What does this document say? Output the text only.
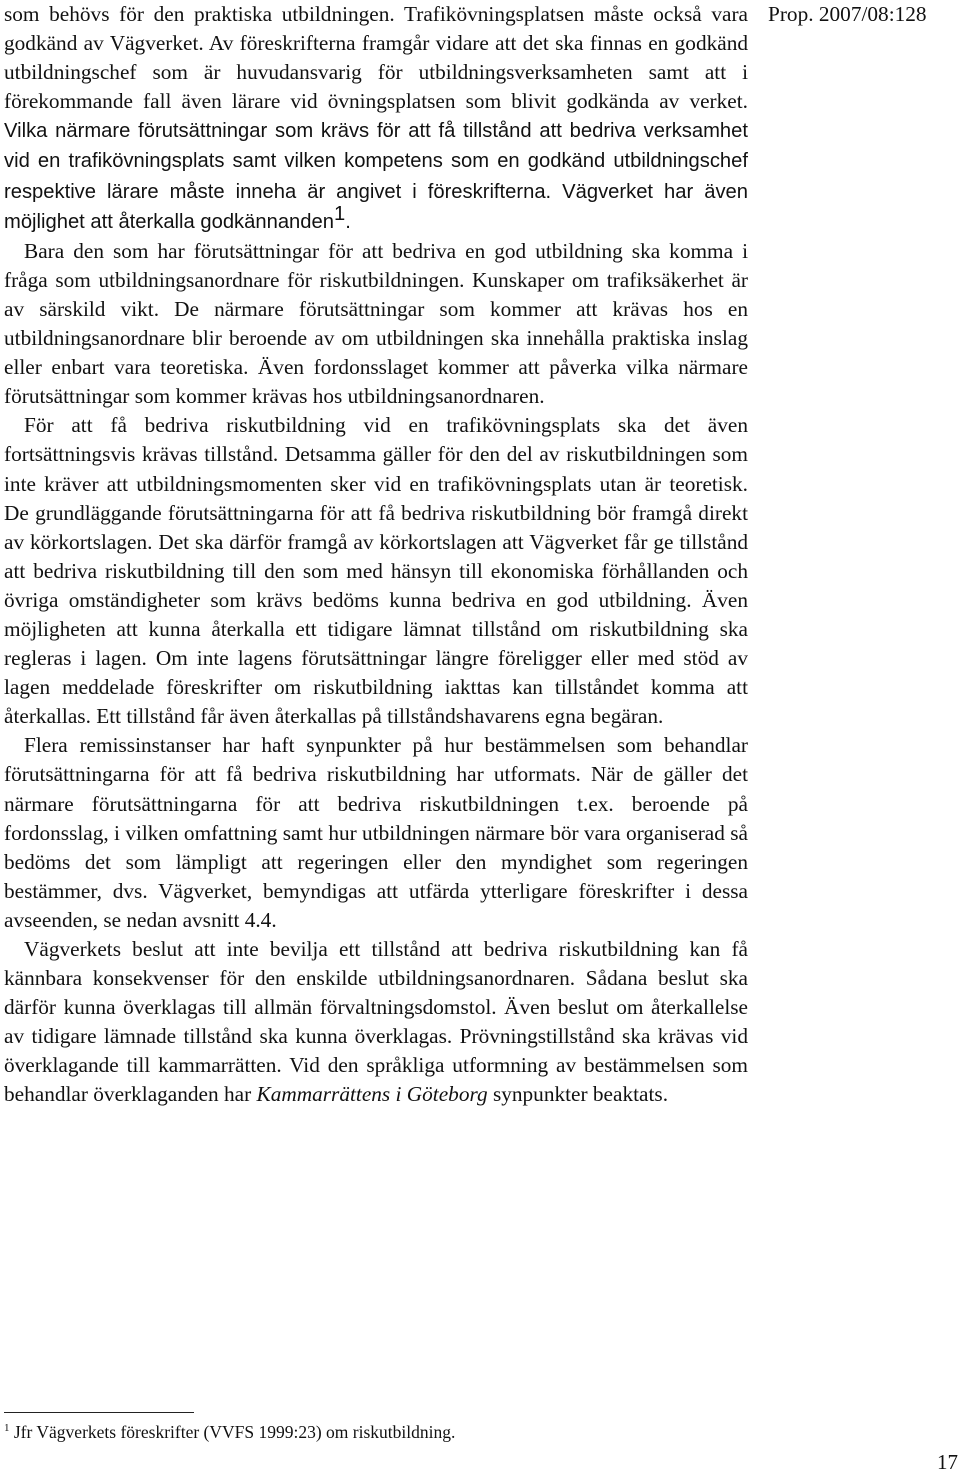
Prop. 2007/08:128

som behövs för den praktiska utbildningen. Trafikövningsplatsen måste också vara godkänd av Vägverket. Av föreskrifterna framgår vidare att det ska finnas en godkänd utbildningschef som är huvudansvarig för utbildningsverksamheten samt att i förekommande fall även lärare vid övningsplatsen som blivit godkända av verket. Vilka närmare förutsättningar som krävs för att få tillstånd att bedriva verksamhet vid en trafikövningsplats samt vilken kompetens som en godkänd utbildningschef respektive lärare måste inneha är angivet i föreskrifterna. Vägverket har även möjlighet att återkalla godkännanden$^1$.

Bara den som har förutsättningar för att bedriva en god utbildning ska komma i fråga som utbildningsanordnare för riskutbildningen. Kunskaper om trafiksäkerhet är av särskild vikt. De närmare förutsättningar som kommer att krävas hos en utbildningsanordnare blir beroende av om utbildningen ska innehålla praktiska inslag eller enbart vara teoretiska. Även fordonsslaget kommer att påverka vilka närmare förutsättningar som kommer krävas hos utbildningsanordnaren.

För att få bedriva riskutbildning vid en trafikövningsplats ska det även fortsättningsvis krävas tillstånd. Detsamma gäller för den del av riskutbildningen som inte kräver att utbildningsmomenten sker vid en trafikövningsplats utan är teoretisk. De grundläggande förutsättningarna för att få bedriva riskutbildning bör framgå direkt av körkortslagen. Det ska därför framgå av körkortslagen att Vägverket får ge tillstånd att bedriva riskutbildning till den som med hänsyn till ekonomiska förhållanden och övriga omständigheter som krävs bedöms kunna bedriva en god utbildning. Även möjligheten att kunna återkalla ett tidigare lämnat tillstånd om riskutbildning ska regleras i lagen. Om inte lagens förutsättningar längre föreligger eller med stöd av lagen meddelade föreskrifter om riskutbildning iakttas kan tillståndet komma att återkallas. Ett tillstånd får även återkallas på tillståndshavarens egna begäran.

Flera remissinstanser har haft synpunkter på hur bestämmelsen som behandlar förutsättningarna för att få bedriva riskutbildning har utformats. När de gäller det närmare förutsättningarna för att bedriva riskutbildningen t.ex. beroende på fordonsslag, i vilken omfattning samt hur utbildningen närmare bör vara organiserad så bedöms det som lämpligt att regeringen eller den myndighet som regeringen bestämmer, dvs. Vägverket, bemyndigas att utfärda ytterligare föreskrifter i dessa avseenden, se nedan avsnitt 4.4.

Vägverkets beslut att inte bevilja ett tillstånd att bedriva riskutbildning kan få kännbara konsekvenser för den enskilde utbildningsanordnaren. Sådana beslut ska därför kunna överklagas till allmän förvaltningsdomstol. Även beslut om återkallelse av tidigare lämnade tillstånd ska kunna överklagas. Prövningstillstånd ska krävas vid överklagande till kammarrätten. Vid den språkliga utformning av bestämmelsen som behandlar överklaganden har Kammarrättens i Göteborg synpunkter beaktats.

$^1$ Jfr Vägverkets föreskrifter (VVFS 1999:23) om riskutbildning.
17
